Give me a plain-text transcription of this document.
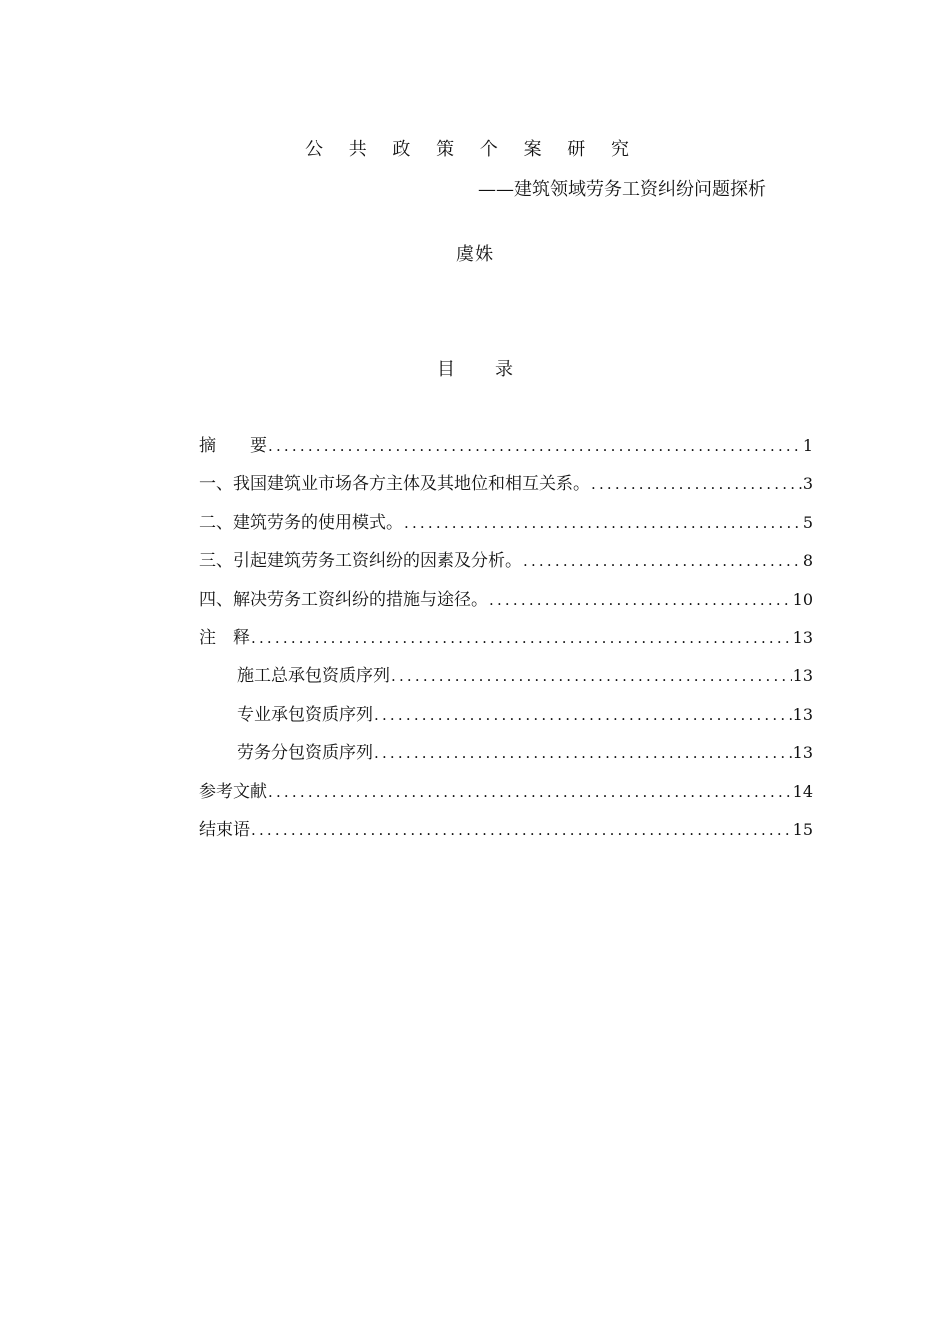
公 共 政 策 个 案 研 究
——建筑领域劳务工资纠纷问题探析
虞姝
目 录
摘　　要 .....	1
一、我国建筑业市场各方主体及其地位和相互关系。 .....	3
二、建筑劳务的使用模式。 .....	5
三、引起建筑劳务工资纠纷的因素及分析。 .....	8
四、解决劳务工资纠纷的措施与途径。 .....	10
注　释 .....	13
施工总承包资质序列 .....	13
专业承包资质序列 .....	13
劳务分包资质序列 .....	13
参考文献 .....	14
结束语 .....	15
